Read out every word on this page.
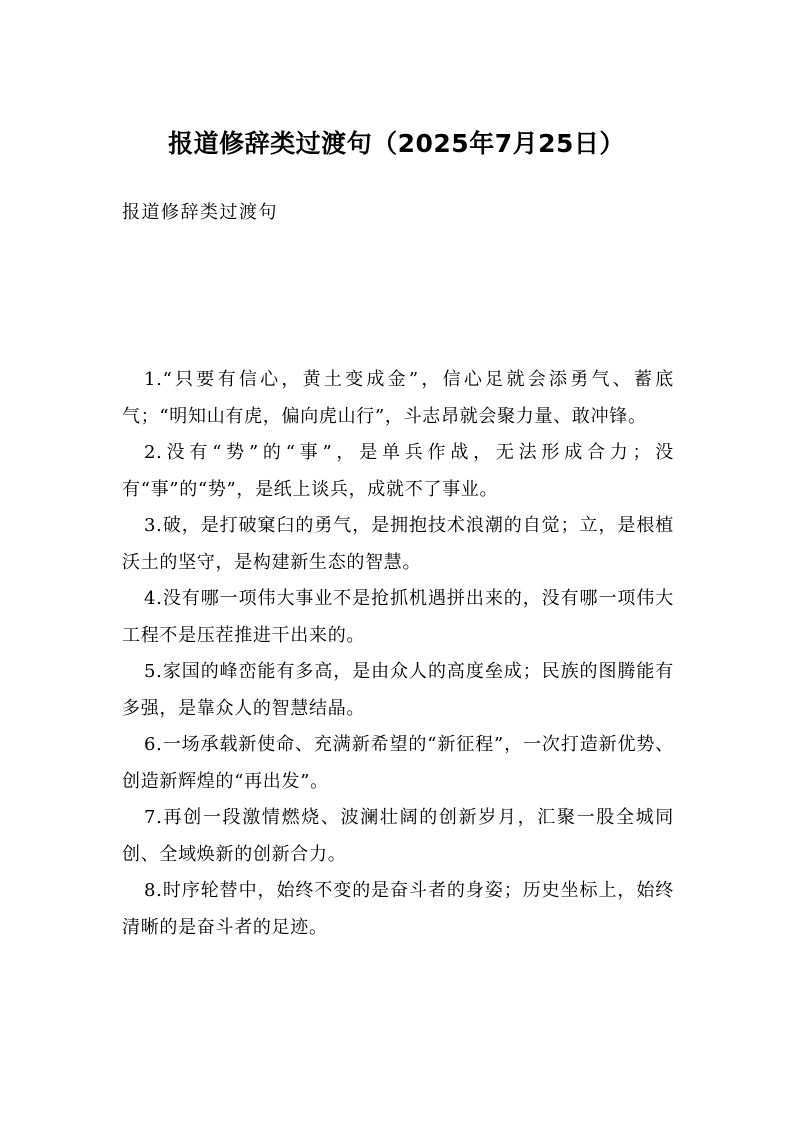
报道修辞类过渡句（2025年7月25日）
报道修辞类过渡句

1.“只要有信心，黄土变成金”，信心足就会添勇气、蓄底气；“明知山有虎，偏向虎山行”，斗志昂就会聚力量、敢冲锋。

2.没有“势”的“事”，是单兵作战，无法形成合力；没有“事”的“势”，是纸上谈兵，成就不了事业。

3.破，是打破窠臼的勇气，是拥抱技术浪潮的自觉；立，是根植沃土的坚守，是构建新生态的智慧。

4.没有哪一项伟大事业不是抢抓机遇拼出来的，没有哪一项伟大工程不是压茬推进干出来的。

5.家国的峰峦能有多高，是由众人的高度垒成；民族的图腾能有多强，是靠众人的智慧结晶。

6.一场承载新使命、充满新希望的“新征程”，一次打造新优势、创造新辉煌的“再出发”。

7.再创一段激情燃烧、波澜壮阔的创新岁月，汇聚一股全城同创、全域焕新的创新合力。

8.时序轮替中，始终不变的是奋斗者的身姿；历史坐标上，始终清晰的是奋斗者的足迹。
